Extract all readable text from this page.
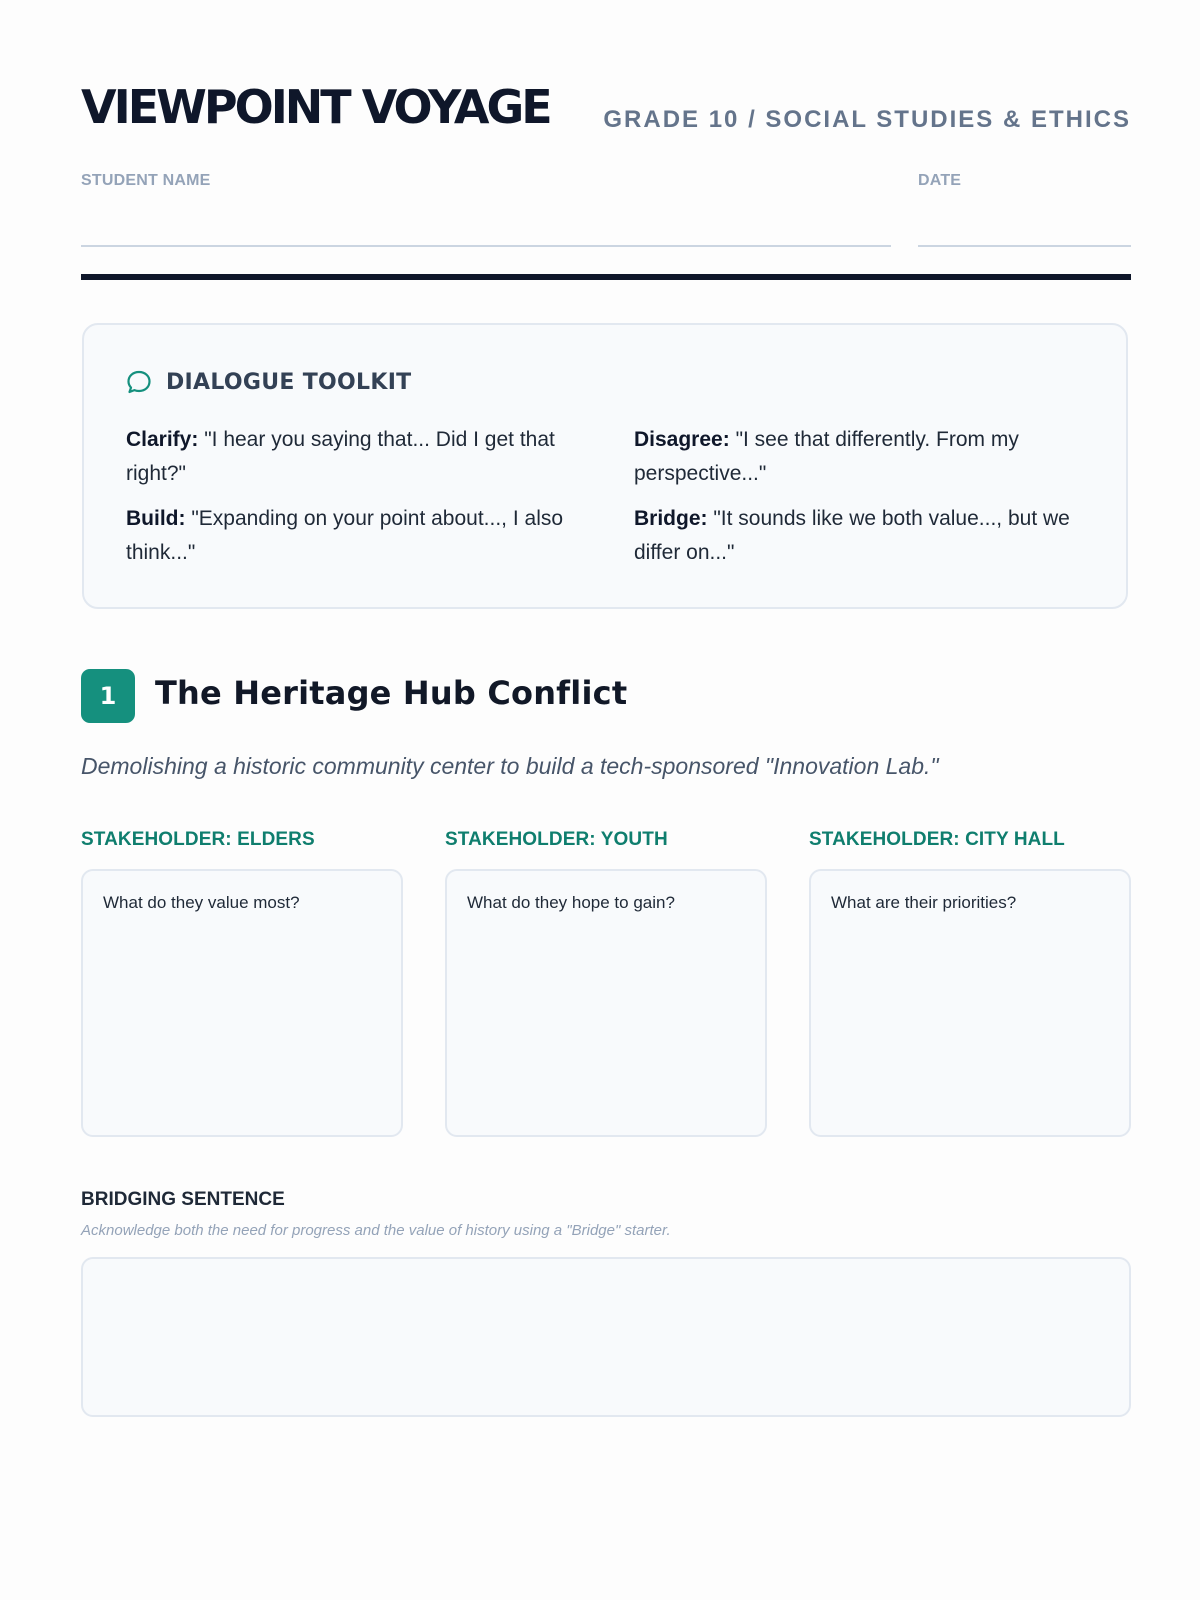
VIEWPOINT VOYAGE GRADE 10 / SOCIAL STUDIES & ETHICS
STUDENT NAME	DATE
DIALOGUE TOOLKIT
Clarify: "I hear you saying that... Did I get that right?"
Disagree: "I see that differently. From my perspective..."
Build: "Expanding on your point about..., I also think..."
Bridge: "It sounds like we both value..., but we differ on..."
1	The Heritage Hub Conflict
Demolishing a historic community center to build a tech-sponsored "Innovation Lab."
STAKEHOLDER: ELDERS
What do they value most?
STAKEHOLDER: YOUTH
What do they hope to gain?
STAKEHOLDER: CITY HALL
What are their priorities?
BRIDGING SENTENCE
Acknowledge both the need for progress and the value of history using a "Bridge" starter.
